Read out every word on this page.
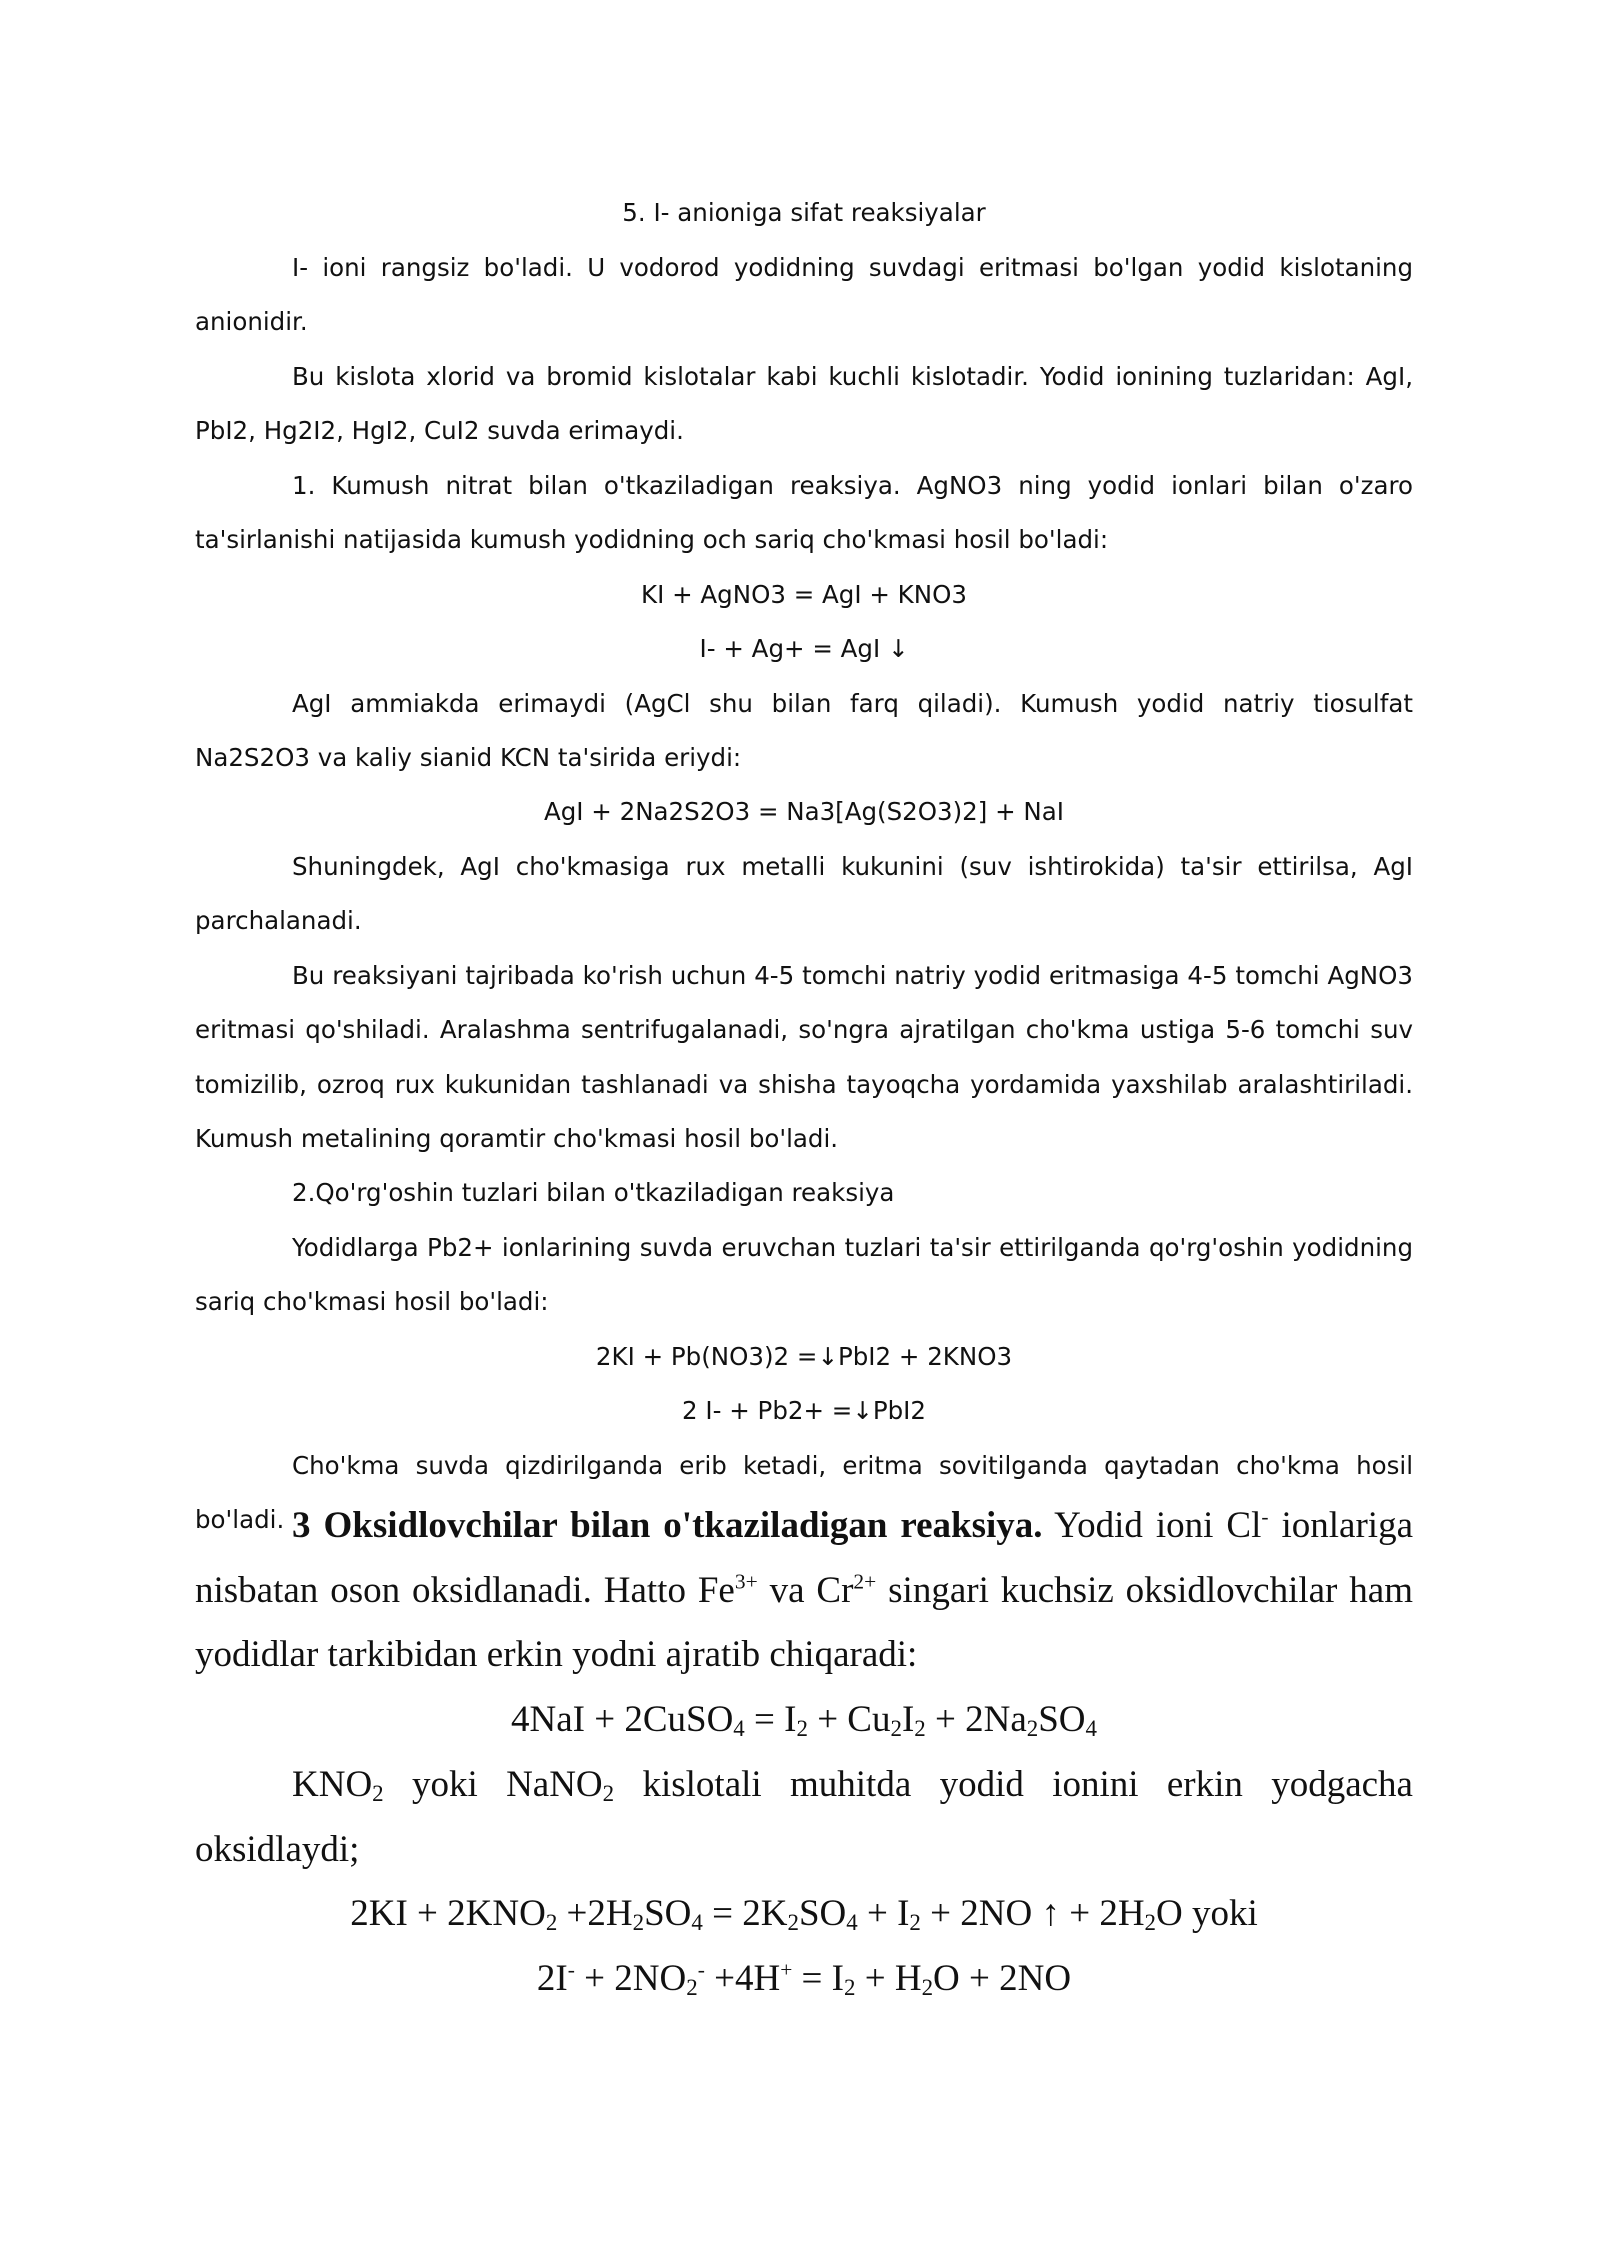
5. I- anioniga sifat reaksiyalar

I- ioni rangsiz bo'ladi. U vodorod yodidning suvdagi eritmasi bo'lgan yodid kislotaning anionidir.

Bu kislota xlorid va bromid kislotalar kabi kuchli kislotadir. Yodid ionining tuzlaridan: AgI, PbI2, Hg2I2, HgI2, CuI2 suvda erimaydi.

1. Kumush nitrat bilan o'tkaziladigan reaksiya. AgNO3 ning yodid ionlari bilan o'zaro ta'sirlanishi natijasida kumush yodidning och sariq cho'kmasi hosil bo'ladi:

KI + AgNO3 = AgI + KNO3

I- + Ag+ = AgI ↓

AgI ammiakda erimaydi (AgCl shu bilan farq qiladi). Kumush yodid natriy tiosulfat Na2S2O3 va kaliy sianid KCN ta'sirida eriydi:

AgI + 2Na2S2O3 = Na3[Ag(S2O3)2] + NaI

Shuningdek, AgI cho'kmasiga rux metalli kukunini (suv ishtirokida) ta'sir ettirilsa, AgI parchalanadi.

Bu reaksiyani tajribada ko'rish uchun 4-5 tomchi natriy yodid eritmasiga 4-5 tomchi AgNO3 eritmasi qo'shiladi. Aralashma sentrifugalanadi, so'ngra ajratilgan cho'kma ustiga 5-6 tomchi suv tomizilib, ozroq rux kukunidan tashlanadi va shisha tayoqcha yordamida yaxshilab aralashtiriladi. Kumush metalining qoramtir cho'kmasi hosil bo'ladi.

2.Qo'rg'oshin tuzlari bilan o'tkaziladigan reaksiya

Yodidlarga Pb2+ ionlarining suvda eruvchan tuzlari ta'sir ettirilganda qo'rg'oshin yodidning sariq cho'kmasi hosil bo'ladi:

2KI + Pb(NO3)2 =↓PbI2 + 2KNO3

2 I- + Pb2+ =↓PbI2

Cho'kma suvda qizdirilganda erib ketadi, eritma sovitilganda qaytadan cho'kma hosil bo'ladi. 3 Oksidlovchilar bilan o'tkaziladigan reaksiya. Yodid ioni Cl- ionlariga nisbatan oson oksidlanadi. Hatto $Fe^{3+}$ va $Cr^{2+}$ singari kuchsiz oksidlovchilar ham yodidlar tarkibidan erkin yodni ajratib chiqaradi:

4NaI + 2CuSO$_4$ = $I_2 + Cu_2I_2 + 2Na_2SO_4$

$KNO_2$ yoki NaNO$_2$ kislotali muhitda yodid ionini erkin yodgacha oksidlaydi;

$2KI + 2KNO_2 +2H_2SO_4 = 2K_2SO_4 + I_2 + 2NO$ ↑ + $2H_2O$ yoki

$2I^- + 2NO_2^- +4H^+ = I_2 + H_2O + 2NO$
